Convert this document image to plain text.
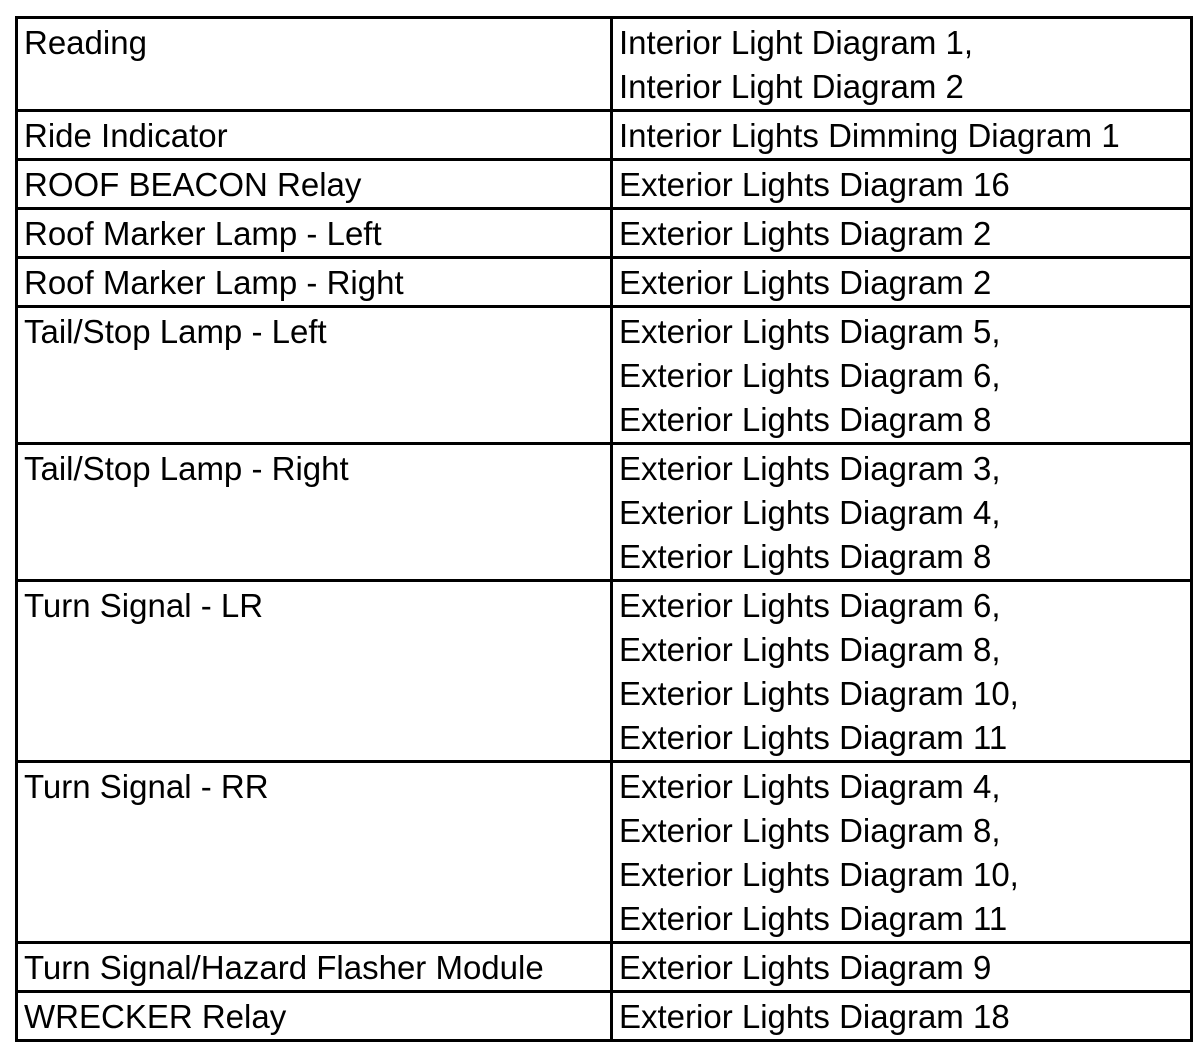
Reading	Interior Light Diagram 1,
Interior Light Diagram 2

Ride Indicator	Interior Lights Dimming Diagram 1

ROOF BEACON Relay	Exterior Lights Diagram 16

Roof Marker Lamp - Left	Exterior Lights Diagram 2

Roof Marker Lamp - Right	Exterior Lights Diagram 2

Tail/Stop Lamp - Left	Exterior Lights Diagram 5,
Exterior Lights Diagram 6,
Exterior Lights Diagram 8

Tail/Stop Lamp - Right	Exterior Lights Diagram 3,
Exterior Lights Diagram 4,
Exterior Lights Diagram 8

Turn Signal - LR	Exterior Lights Diagram 6,
Exterior Lights Diagram 8,
Exterior Lights Diagram 10,
Exterior Lights Diagram 11

Turn Signal - RR	Exterior Lights Diagram 4,
Exterior Lights Diagram 8,
Exterior Lights Diagram 10,
Exterior Lights Diagram 11

Turn Signal/Hazard Flasher Module	Exterior Lights Diagram 9

WRECKER Relay	Exterior Lights Diagram 18
